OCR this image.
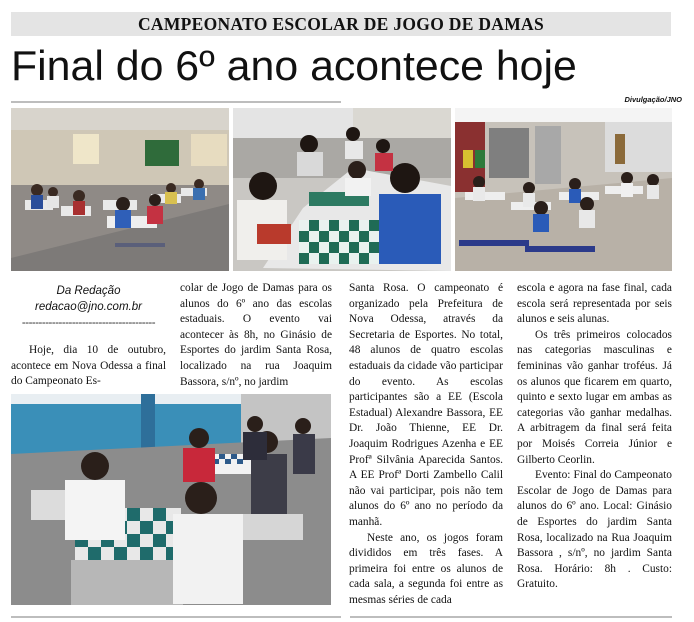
CAMPEONATO ESCOLAR DE JOGO DE DAMAS
Final do 6º ano acontece hoje
Divulgação/JNO
Da Redação
redacao@jno.com.br
----------------------------------------

Hoje, dia 10 de outubro, acontece em Nova Odessa a final do Campeonato Es-

colar de Jogo de Damas para os alunos do 6º ano das escolas estaduais. O evento vai acontecer às 8h, no Ginásio de Esportes do jardim Santa Rosa, localizado na rua Joaquim Bassora, s/nº, no jardim

Santa Rosa. O campeonato é organizado pela Prefeitura de Nova Odessa, através da Secretaria de Esportes. No total, 48 alunos de quatro escolas estaduais da cidade vão participar do evento. As escolas participantes são a EE (Escola Estadual) Alexandre Bassora, EE Dr. João Thienne, EE Dr. Joaquim Rodrigues Azenha e EE Profª Silvânia Aparecida Santos. A EE Profª Dorti Zambello Calil não vai participar, pois não tem alunos do 6º ano no período da manhã.

Neste ano, os jogos foram divididos em três fases. A primeira foi entre os alunos de cada sala, a segunda foi entre as mesmas séries de cada

escola e agora na fase final, cada escola será representada por seis alunos e seis alunas.

Os três primeiros colocados nas categorias masculinas e femininas vão ganhar troféus. Já os alunos que ficarem em quarto, quinto e sexto lugar em ambas as categorias vão ganhar medalhas. A arbitragem da final será feita por Moisés Correia Júnior e Gilberto Ceorlin.

Evento: Final do Campeonato Escolar de Jogo de Damas para alunos do 6º ano. Local: Ginásio de Esportes do jardim Santa Rosa, localizado na Rua Joaquim Bassora , s/nº, no jardim Santa Rosa. Horário: 8h . Custo: Gratuito.
